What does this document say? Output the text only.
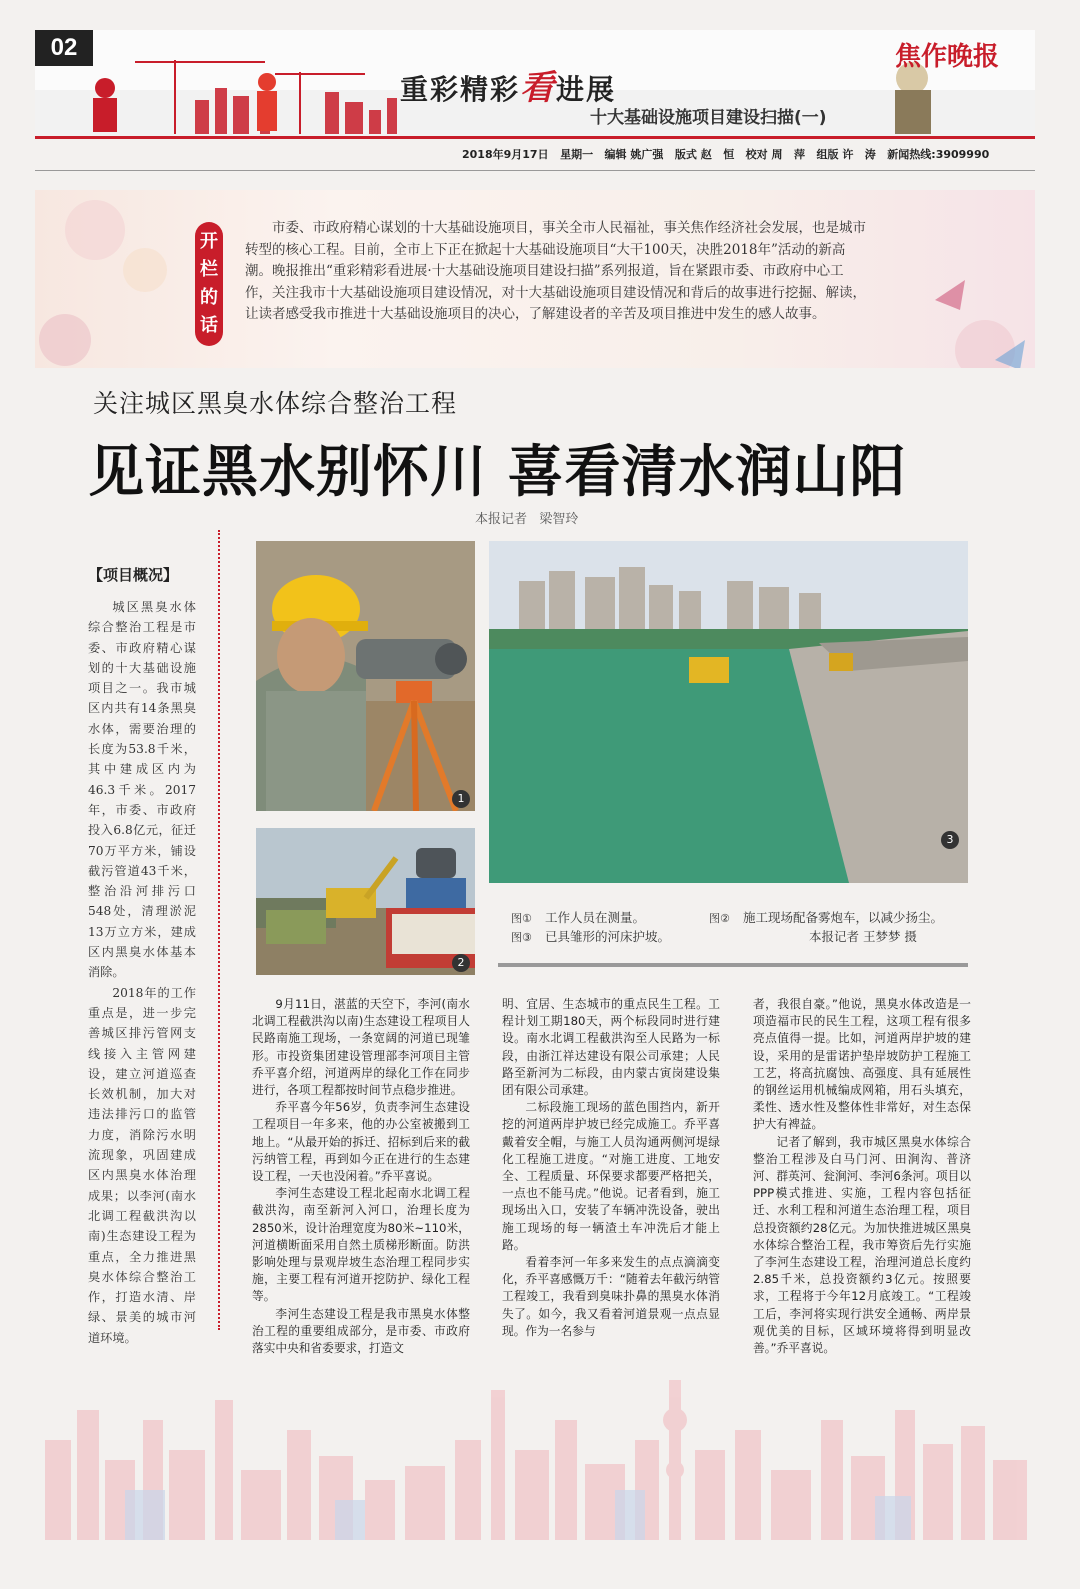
02
重彩精彩看进展
十大基础设施项目建设扫描(一)
焦作晚报
2018年9月17日   星期一   编辑 姚广强   版式 赵   恒   校对 周   萍   组版 许   涛   新闻热线:3909990
开
栏
的
话
市委、市政府精心谋划的十大基础设施项目，事关全市人民福祉，事关焦作经济社会发展，也是城市转型的核心工程。目前，全市上下正在掀起十大基础设施项目“大干100天，决胜2018年”活动的新高潮。晚报推出“重彩精彩看进展·十大基础设施项目建设扫描”系列报道，旨在紧跟市委、市政府中心工作，关注我市十大基础设施项目建设情况，对十大基础设施项目建设情况和背后的故事进行挖掘、解读，让读者感受我市推进十大基础设施项目的决心，了解建设者的辛苦及项目推进中发生的感人故事。
关注城区黑臭水体综合整治工程
见证黑水别怀川 喜看清水润山阳
本报记者   梁智玲
【项目概况】
城区黑臭水体综合整治工程是市委、市政府精心谋划的十大基础设施项目之一。我市城区内共有14条黑臭水体，需要治理的长度为53.8千米，其中建成区内为46.3千米。2017年，市委、市政府投入6.8亿元，征迁70万平方米，铺设截污管道43千米，整治沿河排污口548处，清理淤泥13万立方米，建成区内黑臭水体基本消除。
2018年的工作重点是，进一步完善城区排污管网支线接入主管网建设，建立河道巡查长效机制，加大对违法排污口的监管力度，消除污水明流现象，巩固建成区内黑臭水体治理成果；以李河(南水北调工程截洪沟以南)生态建设工程为重点，全力推进黑臭水体综合整治工作，打造水清、岸绿、景美的城市河道环境。
1
2
3
图① 工作人员在测量。	图② 施工现场配备雾炮车，以减少扬尘。
图③ 已具雏形的河床护坡。	本报记者 王梦梦 摄

9月11日，湛蓝的天空下，李河(南水北调工程截洪沟以南)生态建设工程项目人民路南施工现场，一条宽阔的河道已现雏形。市投资集团建设管理部李河项目主管乔平喜介绍，河道两岸的绿化工作在同步进行，各项工程都按时间节点稳步推进。

乔平喜今年56岁，负责李河生态建设工程项目一年多来，他的办公室被搬到工地上。“从最开始的拆迁、招标到后来的截污纳管工程，再到如今正在进行的生态建设工程，一天也没闲着。”乔平喜说。

李河生态建设工程北起南水北调工程截洪沟，南至新河入河口，治理长度为2850米，设计治理宽度为80米~110米，河道横断面采用自然土质梯形断面。防洪影响处理与景观岸坡生态治理工程同步实施，主要工程有河道开挖防护、绿化工程等。

李河生态建设工程是我市黑臭水体整治工程的重要组成部分，是市委、市政府落实中央和省委要求，打造文

明、宜居、生态城市的重点民生工程。工程计划工期180天，两个标段同时进行建设。南水北调工程截洪沟至人民路为一标段，由浙江祥达建设有限公司承建；人民路至新河为二标段，由内蒙古寅岗建设集团有限公司承建。

二标段施工现场的蓝色围挡内，新开挖的河道两岸护坡已经完成施工。乔平喜戴着安全帽，与施工人员沟通两侧河堤绿化工程施工进度。“对施工进度、工地安全、工程质量、环保要求都要严格把关，一点也不能马虎。”他说。记者看到，施工现场出入口，安装了车辆冲洗设备，驶出施工现场的每一辆渣土车冲洗后才能上路。

看着李河一年多来发生的点点滴滴变化，乔平喜感慨万千：“随着去年截污纳管工程竣工，我看到臭味扑鼻的黑臭水体消失了。如今，我又看着河道景观一点点显现。作为一名参与

者，我很自豪。”他说，黑臭水体改造是一项造福市民的民生工程，这项工程有很多亮点值得一提。比如，河道两岸护坡的建设，采用的是雷诺护垫岸坡防护工程施工工艺，将高抗腐蚀、高强度、具有延展性的钢丝运用机械编成网箱，用石头填充，柔性、透水性及整体性非常好，对生态保护大有裨益。

记者了解到，我市城区黑臭水体综合整治工程涉及白马门河、田涧沟、普济河、群英河、瓮涧河、李河6条河。项目以PPP模式推进、实施，工程内容包括征迁、水利工程和河道生态治理工程，项目总投资额约28亿元。为加快推进城区黑臭水体综合整治工程，我市筹资后先行实施了李河生态建设工程，治理河道总长度约2.85千米，总投资额约3亿元。按照要求，工程将于今年12月底竣工。“工程竣工后，李河将实现行洪安全通畅、两岸景观优美的目标，区域环境将得到明显改善。”乔平喜说。
